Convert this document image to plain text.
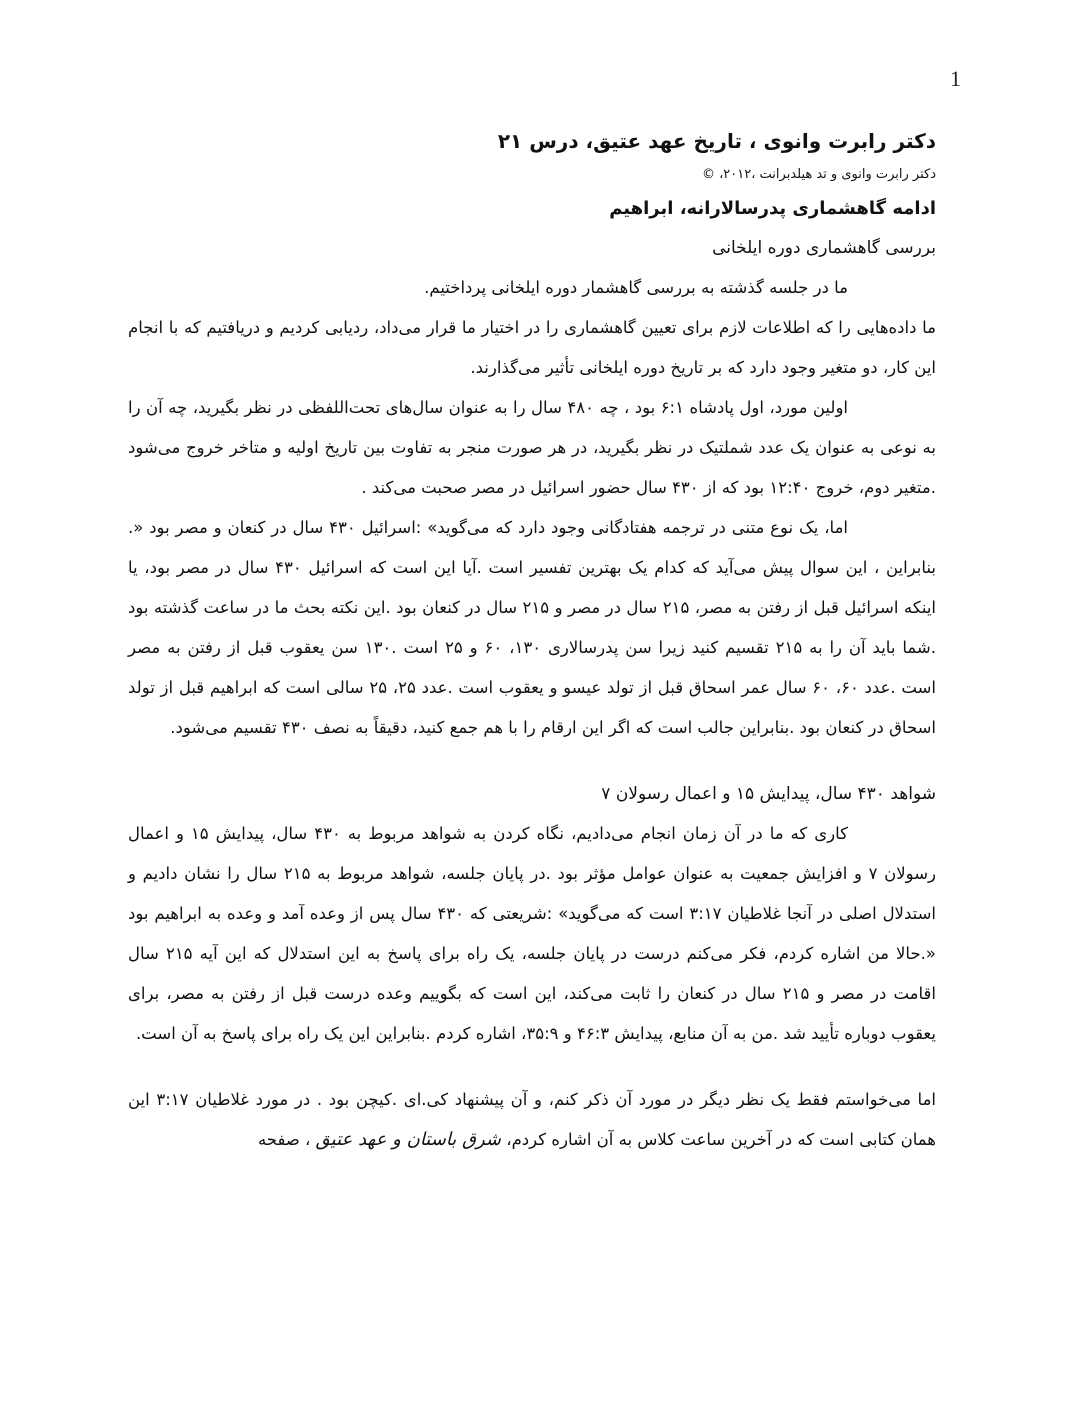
1

دکتر رابرت وانوی ، تاریخ عهد عتیق، درس ۲۱

دکتر رابرت وانوی و تد هیلدبرانت ،۲۰۱۲، ©

ادامه گاهشماری پدرسالارانه، ابراهیم

بررسی گاهشماری دوره ایلخانی

ما در جلسه گذشته به بررسی گاهشمار دوره ایلخانی پرداختیم.

ما داده‌هایی را که اطلاعات لازم برای تعیین گاهشماری را در اختیار ما قرار می‌داد، ردیابی کردیم و دریافتیم که با انجام این کار، دو متغیر وجود دارد که بر تاریخ دوره ایلخانی تأثیر می‌گذارند.

اولین مورد، اول پادشاه ۶:۱ بود ، چه ۴۸۰ سال را به عنوان سال‌های تحت‌اللفظی در نظر بگیرید، چه آن را به نوعی به عنوان یک عدد شملتیک در نظر بگیرید، در هر صورت منجر به تفاوت بین تاریخ اولیه و متاخر خروج می‌شود .متغیر دوم، خروج ۱۲:۴۰ بود که از ۴۳۰ سال حضور اسرائیل در مصر صحبت می‌کند .

اما، یک نوع متنی در ترجمه هفتادگانی وجود دارد که می‌گوید» :اسرائیل ۴۳۰ سال در کنعان و مصر بود «. بنابراین ، این سوال پیش می‌آید که کدام یک بهترین تفسیر است .آیا این است که اسرائیل ۴۳۰ سال در مصر بود، یا اینکه اسرائیل قبل از رفتن به مصر، ۲۱۵ سال در مصر و ۲۱۵ سال در کنعان بود .این نکته بحث ما در ساعت گذشته بود .شما باید آن را به ۲۱۵ تقسیم کنید زیرا سن پدرسالاری ۱۳۰، ۶۰ و ۲۵ است .۱۳۰ سن یعقوب قبل از رفتن به مصر است .عدد ۶۰، ۶۰ سال عمر اسحاق قبل از تولد عیسو و یعقوب است .عدد ۲۵، ۲۵ سالی است که ابراهیم قبل از تولد اسحاق در کنعان بود .بنابراین جالب است که اگر این ارقام را با هم جمع کنید، دقیقاً به نصف ۴۳۰ تقسیم می‌شود.

شواهد ۴۳۰ سال، پیدایش ۱۵ و اعمال رسولان ۷

کاری که ما در آن زمان انجام می‌دادیم، نگاه کردن به شواهد مربوط به ۴۳۰ سال، پیدایش ۱۵ و اعمال رسولان ۷ و افزایش جمعیت به عنوان عوامل مؤثر بود .در پایان جلسه، شواهد مربوط به ۲۱۵ سال را نشان دادیم و استدلال اصلی در آنجا غلاطیان ۳:۱۷ است که می‌گوید» :شریعتی که ۴۳۰ سال پس از وعده آمد و وعده به ابراهیم بود «.حالا من اشاره کردم، فکر می‌کنم درست در پایان جلسه، یک راه برای پاسخ به این استدلال که این آیه ۲۱۵ سال اقامت در مصر و ۲۱۵ سال در کنعان را ثابت می‌کند، این است که بگوییم وعده درست قبل از رفتن به مصر، برای یعقوب دوباره تأیید شد .من به آن منابع، پیدایش ۴۶:۳ و ۳۵:۹، اشاره کردم .بنابراین این یک راه برای پاسخ به آن است.

اما می‌خواستم فقط یک نظر دیگر در مورد آن ذکر کنم، و آن پیشنهاد کی.ای .کیچن بود . در مورد غلاطیان ۳:۱۷ این همان کتابی است که در آخرین ساعت کلاس به آن اشاره کردم، شرق باستان و عهد عتیق ، صفحه
